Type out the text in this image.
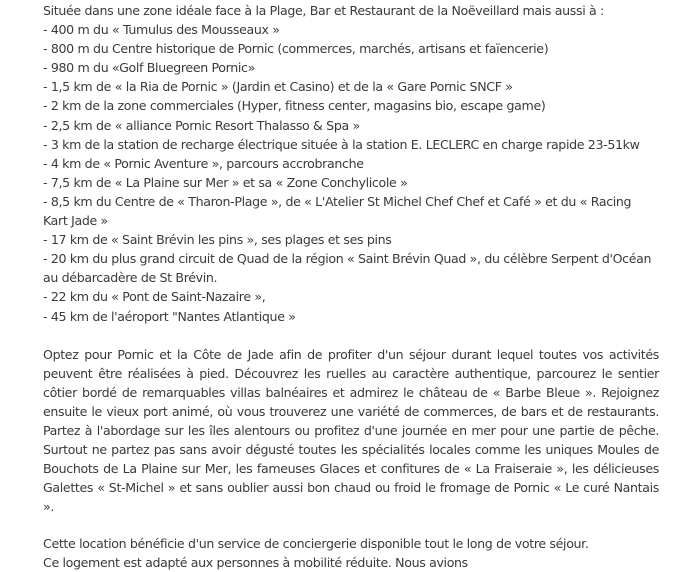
Située dans une zone idéale face à la Plage, Bar et Restaurant de la Noëveillard mais aussi à :

- 400 m du « Tumulus des Mousseaux »
- 800 m du Centre historique de Pornic (commerces, marchés, artisans et faïencerie)
- 980 m du «Golf Bluegreen Pornic»
- 1,5 km de « la Ria de Pornic » (Jardin et Casino) et de la « Gare Pornic SNCF »
- 2 km de la zone commerciales (Hyper, fitness center, magasins bio, escape game)
- 2,5 km de « alliance Pornic Resort Thalasso & Spa »
- 3 km de la station de recharge électrique située à la station E. LECLERC en charge rapide 23-51kw
- 4 km de « Pornic Aventure », parcours accrobranche
- 7,5 km de « La Plaine sur Mer » et sa « Zone Conchylicole »
- 8,5 km du Centre de « Tharon-Plage », de « L'Atelier St Michel Chef Chef et Café » et du « Racing Kart Jade »
- 17 km de « Saint Brévin les pins », ses plages et ses pins
- 20 km du plus grand circuit de Quad de la région « Saint Brévin Quad », du célèbre Serpent d'Océan au débarcadère de St Brévin.
- 22 km du « Pont de Saint-Nazaire »,
- 45 km de l'aéroport "Nantes Atlantique »

Optez pour Pornic et la Côte de Jade afin de profiter d'un séjour durant lequel toutes vos activités peuvent être réalisées à pied. Découvrez les ruelles au caractère authentique, parcourez le sentier côtier bordé de remarquables villas balnéaires et admirez le château de « Barbe Bleue ». Rejoignez ensuite le vieux port animé, où vous trouverez une variété de commerces, de bars et de restaurants. Partez à l'abordage sur les îles alentours ou profitez d'une journée en mer pour une partie de pêche. Surtout ne partez pas sans avoir dégusté toutes les spécialités locales comme les uniques Moules de Bouchots de La Plaine sur Mer, les fameuses Glaces et confitures de « La Fraiseraie », les délicieuses Galettes « St-Michel » et sans oublier aussi bon chaud ou froid le fromage de Pornic « Le curé Nantais ».

Cette location bénéficie d'un service de conciergerie disponible tout le long de votre séjour.

Ce logement est adapté aux personnes à mobilité réduite. Nous avions
